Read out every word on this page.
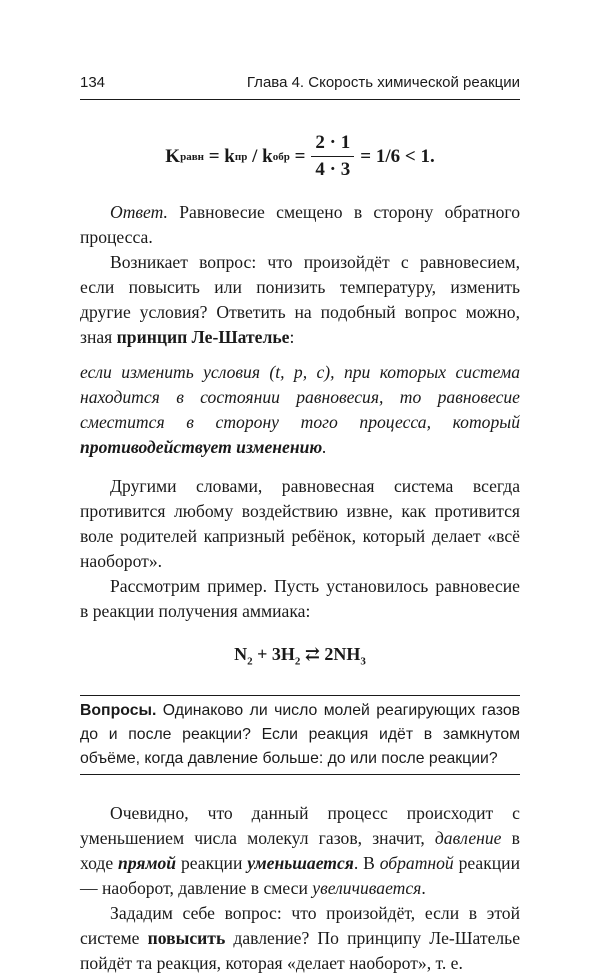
134	Глава 4. Скорость химической реакции
K равн = k пр / k обр = $\frac{2 \cdot 1}{4 \cdot 3} = 1/6 < 1$.

Ответ. Равновесие смещено в сторону обратного процесса.

Возникает вопрос: что произойдёт с равновесием, если повысить или понизить температуру, изменить другие условия? Ответить на подобный вопрос можно, зная принцип Ле-Шателье:

если изменить условия (t, p, c), при которых система находится в состоянии равновесия, то равновесие сместится в сторону того процесса, который противодействует изменению.

Другими словами, равновесная система всегда противится любому воздействию извне, как противится воле родителей капризный ребёнок, который делает «всё наоборот».

Рассмотрим пример. Пусть установилось равновесие в реакции получения аммиака:

$N_2 + 3H_2$ ⇄ $2NH_3$

Вопросы. Одинаково ли число молей реагирующих газов до и после реакции? Если реакция идёт в замкнутом объёме, когда давление больше: до или после реакции?

Очевидно, что данный процесс происходит с уменьшением числа молекул газов, значит, давление в ходе прямой реакции уменьшается. В обратной реакции — наоборот, давление в смеси увеличивается.

Зададим себе вопрос: что произойдёт, если в этой системе повысить давление? По принципу Ле-Шателье пойдёт та реакция, которая «делает наоборот», т. е.
